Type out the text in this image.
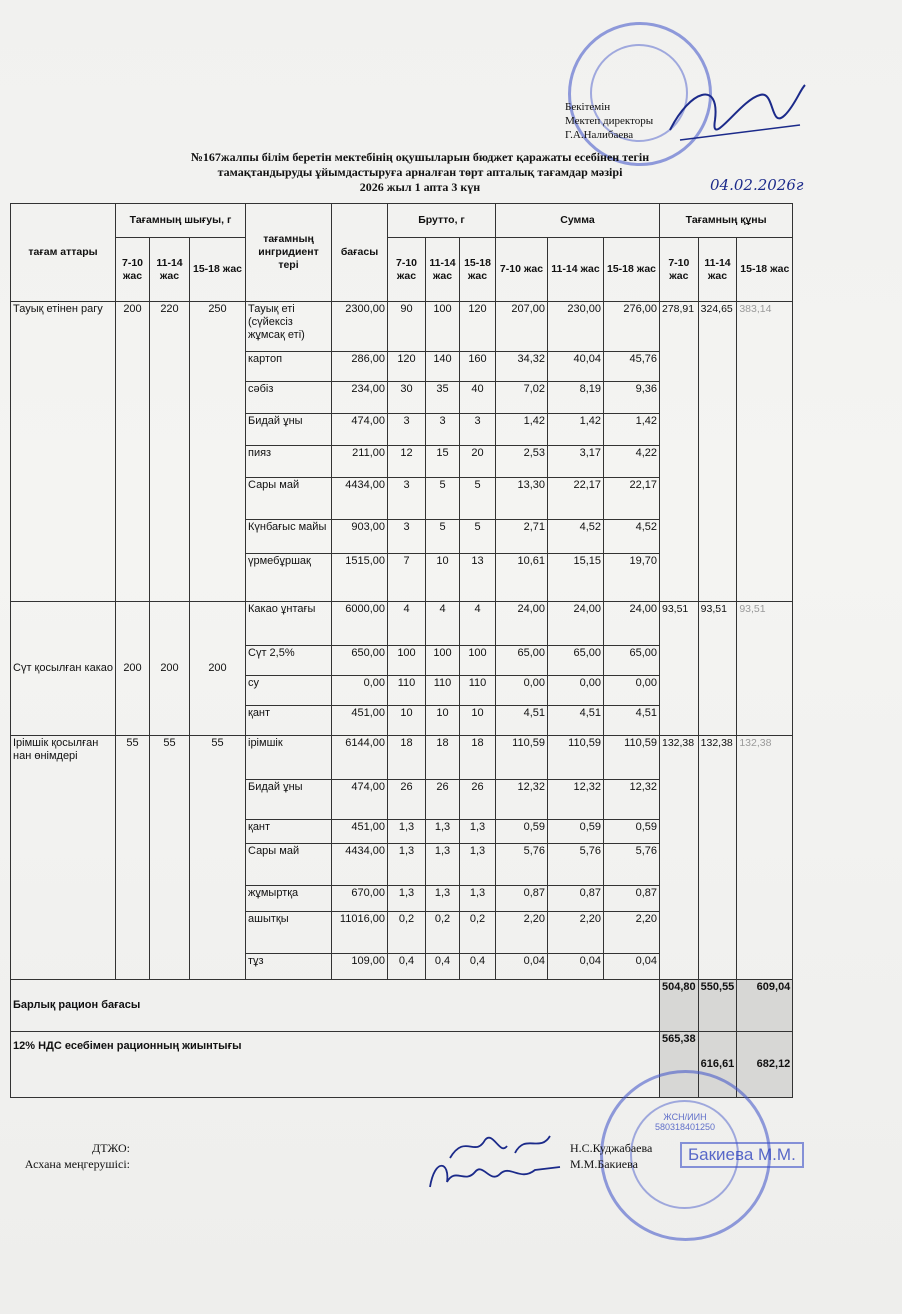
Бекітемін
Мектеп директоры
Г.А.Налибаева
04.02.2026г
№167жалпы білім беретін мектебінің оқушыларын бюджет қаражаты есебінен тегін
тамақтандыруды ұйымдастыруға арналған төрт апталық тағамдар мәзірі
2026 жыл 1 апта 3 күн
тағам аттары	Тағамның шығуы, г			тағамның ингридиент тері	бағасы	Брутто, г			Сумма			Тағамның құны		
	7-10 жас	11-14 жас	15-18 жас			7-10 жас	11-14 жас	15-18 жас	7-10 жас	11-14 жас	15-18 жас	7-10 жас	11-14 жас	15-18 жас
Тауық етінен рагу	200	220	250	Тауық еті (сүйексіз жұмсақ еті)	2300,00	90	100	120	207,00	230,00	276,00	278,91	324,65	383,14
				картоп	286,00	120	140	160	34,32	40,04	45,76			
				сәбіз	234,00	30	35	40	7,02	8,19	9,36			
				Бидай ұны	474,00	3	3	3	1,42	1,42	1,42			
				пияз	211,00	12	15	20	2,53	3,17	4,22			
				Сары май	4434,00	3	5	5	13,30	22,17	22,17			
				Күнбағыс майы	903,00	3	5	5	2,71	4,52	4,52			
				үрмебұршақ	1515,00	7	10	13	10,61	15,15	19,70			
Сүт қосылған какао	200	200	200	Какао ұнтағы	6000,00	4	4	4	24,00	24,00	24,00	93,51	93,51	93,51
				Сүт 2,5%	650,00	100	100	100	65,00	65,00	65,00			
				су	0,00	110	110	110	0,00	0,00	0,00			
				қант	451,00	10	10	10	4,51	4,51	4,51			
Ірімшік қосылған нан өнімдері	55	55	55	ірімшік	6144,00	18	18	18	110,59	110,59	110,59	132,38	132,38	132,38
				Бидай ұны	474,00	26	26	26	12,32	12,32	12,32			
				қант	451,00	1,3	1,3	1,3	0,59	0,59	0,59			
				Сары май	4434,00	1,3	1,3	1,3	5,76	5,76	5,76			
				жұмыртқа	670,00	1,3	1,3	1,3	0,87	0,87	0,87			
				ашытқы	11016,00	0,2	0,2	0,2	2,20	2,20	2,20			
				тұз	109,00	0,4	0,4	0,4	0,04	0,04	0,04			
Барлық рацион бағасы												504,80	550,55	609,04
12% НДС есебімен рационның жиынтығы												565,38	616,61	682,12
ЖСН/ИИН 580318401250
Бакиева М.М.
ДТЖО:	Н.С.Куджабаева
Асхана меңгерушісі:	М.М.Бакиева
